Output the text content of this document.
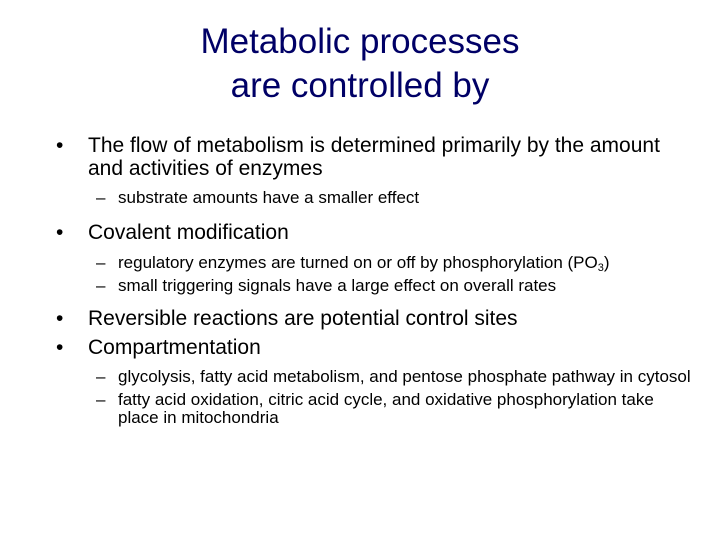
Metabolic processes
are controlled by
• The flow of metabolism is determined primarily by the amount and activities of enzymes
– substrate amounts have a smaller effect
• Covalent modification
– regulatory enzymes are turned on or off by phosphorylation $(PO_3)$
– small triggering signals have a large effect on overall rates
• Reversible reactions are potential control sites
• Compartmentation
– glycolysis, fatty acid metabolism, and pentose phosphate pathway in cytosol
– fatty acid oxidation, citric acid cycle, and oxidative phosphorylation take place in mitochondria
